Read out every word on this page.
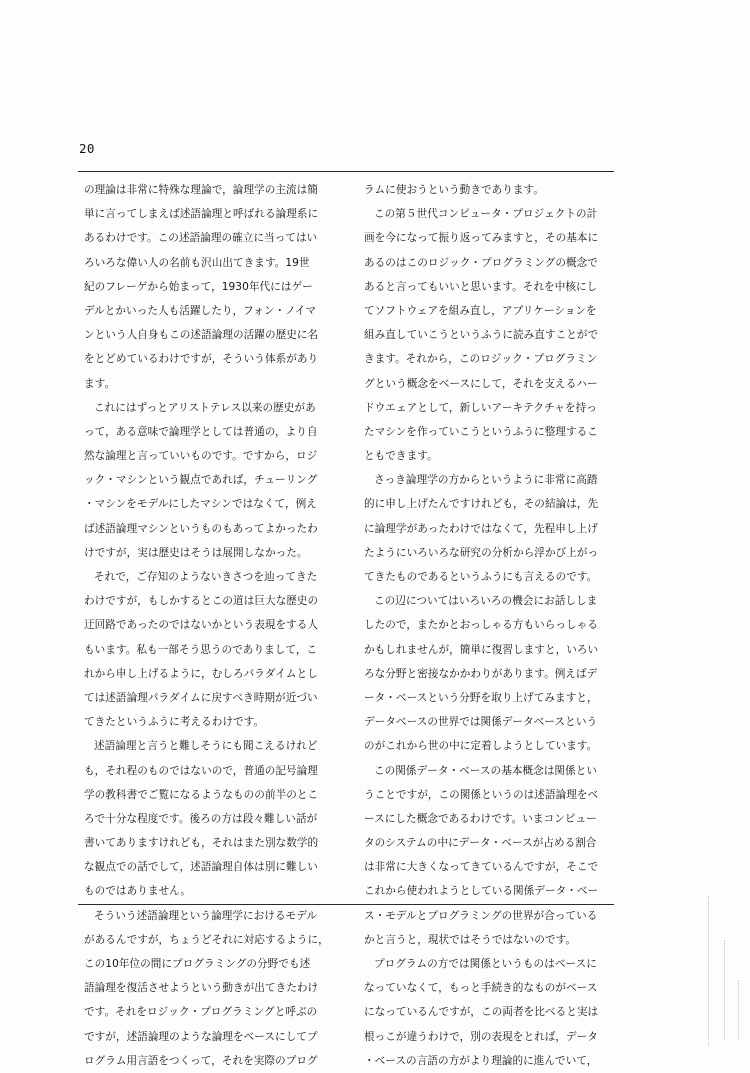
20
の理論は非常に特殊な理論で，論理学の主流は簡
単に言ってしまえば述語論理と呼ばれる論理系に
あるわけです。この述語論理の確立に当ってはい
ろいろな偉い人の名前も沢山出てきます。19世
紀のフレーゲから始まって，1930年代にはゲー
デルとかいった人も活躍したり，フォン・ノイマ
ンという人自身もこの述語論理の活躍の歴史に名
をとどめているわけですが，そういう体系があり
ます。
これにはずっとアリストテレス以来の歴史があ
って，ある意味で論理学としては普通の，より自
然な論理と言っていいものです。ですから，ロジ
ック・マシンという観点であれば，チューリング
・マシンをモデルにしたマシンではなくて，例え
ば述語論理マシンというものもあってよかったわ
けですが，実は歴史はそうは展開しなかった。
それで，ご存知のようないきさつを辿ってきた
わけですが，もしかするとこの道は巨大な歴史の
迂回路であったのではないかという表現をする人
もいます。私も一部そう思うのでありまして，こ
れから申し上げるように，むしろパラダイムとし
ては述語論理パラダイムに戻すべき時期が近づい
てきたというふうに考えるわけです。
述語論理と言うと難しそうにも聞こえるけれど
も，それ程のものではないので，普通の記号論理
学の教科書でご覧になるようなものの前半のとこ
ろで十分な程度です。後ろの方は段々難しい話が
書いてありますけれども，それはまた別な数学的
な観点での話でして，述語論理自体は別に難しい
ものではありません。
そういう述語論理という論理学におけるモデル
があるんですが，ちょうどそれに対応するように，
この10年位の間にプログラミングの分野でも述
語論理を復活させようという動きが出てきたわけ
です。それをロジック・プログラミングと呼ぶの
ですが，述語論理のような論理をベースにしてプ
ログラム用言語をつくって，それを実際のプログ
ラムに使おうという動きであります。
この第５世代コンピュータ・プロジェクトの計
画を今になって振り返ってみますと，その基本に
あるのはこのロジック・プログラミングの概念で
あると言ってもいいと思います。それを中核にし
てソフトウェアを組み直し，アプリケーションを
組み直していこうというふうに読み直すことがで
きます。それから，このロジック・プログラミン
グという概念をベースにして，それを支えるハー
ドウエェアとして，新しいアーキテクチャを持っ
たマシンを作っていこうというふうに整理するこ
ともできます。
さっき論理学の方からというように非常に高踏
的に申し上げたんですけれども，その結論は，先
に論理学があったわけではなくて，先程申し上げ
たようにいろいろな研究の分析から浮かび上がっ
てきたものであるというふうにも言えるのです。
この辺についてはいろいろの機会にお話ししま
したので，またかとおっしゃる方もいらっしゃる
かもしれませんが，簡単に復習しますと，いろい
ろな分野と密接なかかわりがあります。例えばデ
ータ・ベースという分野を取り上げてみますと，
データベースの世界では関係データベースという
のがこれから世の中に定着しようとしています。
この関係データ・ベースの基本概念は関係とい
うことですが，この関係というのは述語論理をベ
ースにした概念であるわけです。いまコンピュー
タのシステムの中にデータ・ベースが占める割合
は非常に大きくなってきているんですが，そこで
これから使われようとしている関係データ・ベー
ス・モデルとプログラミングの世界が合っている
かと言うと，現状ではそうではないのです。
プログラムの方では関係というものはベースに
なっていなくて，もっと手続き的なものがベース
になっているんですが，この両者を比べると実は
根っこが違うわけで，別の表現をとれば，データ
・ベースの言語の方がより理論的に進んでいて，
